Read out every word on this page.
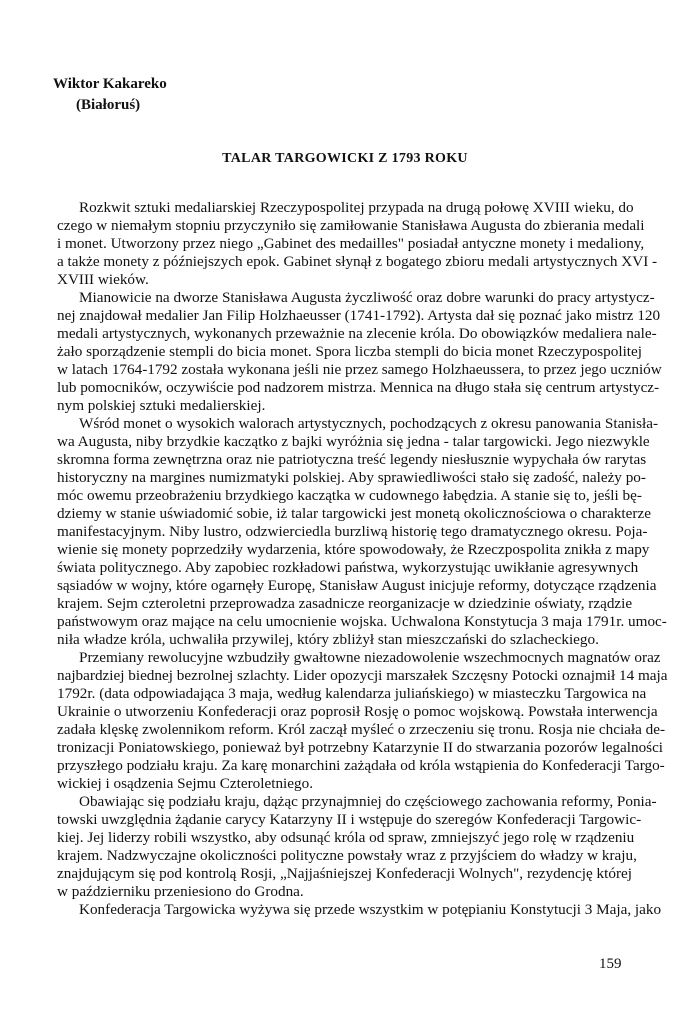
Wiktor Kakareko
(Białoruś)
TALAR TARGOWICKI Z 1793 ROKU
Rozkwit sztuki medaliarskiej Rzeczypospolitej przypada na drugą połowę XVIII wieku, do
czego w niemałym stopniu przyczyniło się zamiłowanie Stanisława Augusta do zbierania medali
i monet. Utworzony przez niego „Gabinet des medailles" posiadał antyczne monety i medaliony,
a także monety z późniejszych epok. Gabinet słynął z bogatego zbioru medali artystycznych XVI -
XVIII wieków.
Mianowicie na dworze Stanisława Augusta życzliwość oraz dobre warunki do pracy artystycz-
nej znajdował medalier Jan Filip Holzhaeusser (1741-1792). Artysta dał się poznać jako mistrz 120
medali artystycznych, wykonanych przeważnie na zlecenie króla. Do obowiązków medaliera nale-
żało sporządzenie stempli do bicia monet. Spora liczba stempli do bicia monet Rzeczypospolitej
w latach 1764-1792 została wykonana jeśli nie przez samego Holzhaeussera, to przez jego uczniów
lub pomocników, oczywiście pod nadzorem mistrza. Mennica na długo stała się centrum artystycz-
nym polskiej sztuki medalierskiej.
Wśród monet o wysokich walorach artystycznych, pochodzących z okresu panowania Stanisła-
wa Augusta, niby brzydkie kaczątko z bajki wyróżnia się jedna - talar targowicki. Jego niezwykle
skromna forma zewnętrzna oraz nie patriotyczna treść legendy niesłusznie wypychała ów rarytas
historyczny na margines numizmatyki polskiej. Aby sprawiedliwości stało się zadość, należy po-
móc owemu przeobrażeniu brzydkiego kaczątka w cudownego łabędzia. A stanie się to, jeśli bę-
dziemy w stanie uświadomić sobie, iż talar targowicki jest monetą okolicznościowa o charakterze
manifestacyjnym. Niby lustro, odzwierciedla burzliwą historię tego dramatycznego okresu. Poja-
wienie się monety poprzedziły wydarzenia, które spowodowały, że Rzeczpospolita znikła z mapy
świata politycznego. Aby zapobiec rozkładowi państwa, wykorzystując uwikłanie agresywnych
sąsiadów w wojny, które ogarnęły Europę, Stanisław August inicjuje reformy, dotyczące rządzenia
krajem. Sejm czteroletni przeprowadza zasadnicze reorganizacje w dziedzinie oświaty, rządzie
państwowym oraz mające na celu umocnienie wojska. Uchwalona Konstytucja 3 maja 1791r. umoc-
niła władze króla, uchwaliła przywilej, który zbliżył stan mieszczański do szlacheckiego.
Przemiany rewolucyjne wzbudziły gwałtowne niezadowolenie wszechmocnych magnatów oraz
najbardziej biednej bezrolnej szlachty. Lider opozycji marszałek Szczęsny Potocki oznajmił 14 maja
1792r. (data odpowiadająca 3 maja, według kalendarza juliańskiego) w miasteczku Targowica na
Ukrainie o utworzeniu Konfederacji oraz poprosił Rosję o pomoc wojskową. Powstała interwencja
zadała klęskę zwolennikom reform. Król zaczął myśleć o zrzeczeniu się tronu. Rosja nie chciała de-
tronizacji Poniatowskiego, ponieważ był potrzebny Katarzynie II do stwarzania pozorów legalności
przyszłego podziału kraju. Za karę monarchini zażądała od króla wstąpienia do Konfederacji Targo-
wickiej i osądzenia Sejmu Czteroletniego.
Obawiając się podziału kraju, dążąc przynajmniej do częściowego zachowania reformy, Ponia-
towski uwzględnia żądanie carycy Katarzyny II i wstępuje do szeregów Konfederacji Targowic-
kiej. Jej liderzy robili wszystko, aby odsunąć króla od spraw, zmniejszyć jego rolę w rządzeniu
krajem. Nadzwyczajne okoliczności polityczne powstały wraz z przyjściem do władzy w kraju,
znajdującym się pod kontrolą Rosji, „Najjaśniejszej Konfederacji Wolnych", rezydencję której
w październiku przeniesiono do Grodna.
Konfederacja Targowicka wyżywa się przede wszystkim w potępianiu Konstytucji 3 Maja, jako
159
